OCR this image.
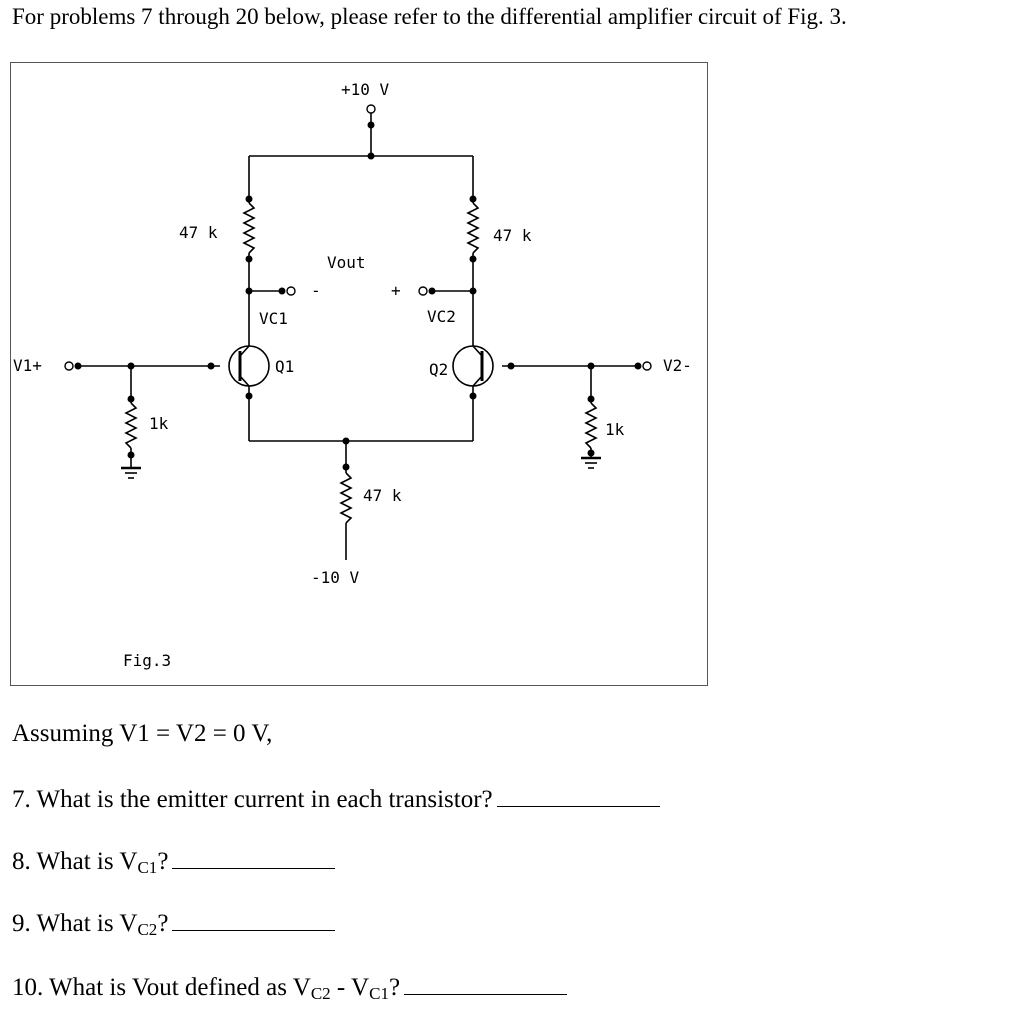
For problems 7 through 20 below, please refer to the differential amplifier circuit of Fig. 3.
+10 V
-10 V
47 k	47 k
47 k
1k	1k
Vout
-	+
VC1	VC2
Q1	Q2
V1+	V2-
Fig.3
Assuming V1 = V2 = 0 V,
7. What is the emitter current in each transistor?
8. What is $V_{C1}$?
9. What is $V_{C2}$?
10. What is Vout defined as $V_{C2} - V_{C1}$?
